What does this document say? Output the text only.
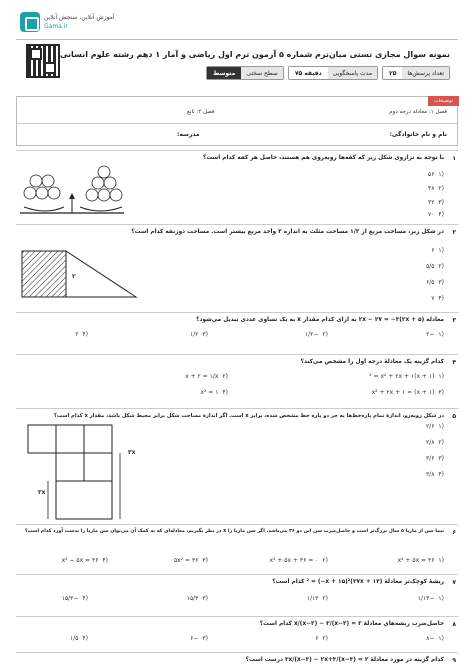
آموزش آنلاین، سنجش آنلاین
Gama.ir
نمونه سوال مجازی تستی میان‌ترم شماره ۵ آزمون ترم اول ریاضی و آمار ۱ دهم رشته علوم انسانی
تعداد پرسش‌ها
۲۵
مدت پاسخگویی
۷۵ دقیقه
سطح سختی
متوسط
توضیحات
فصل ۱: معادله درجه دوم
فصل ۲: تابع
نام و نام خانوادگی:
مدرسه:
۱
با توجه به ترازوی شکل زیر که کفه‌ها روبه‌روی هم هستند، حاصل هر کفه کدام است؟
(۱۵۶
(۲۴۸
(۳۳۲
(۴۷۰
۲
در شکل زیر، مساحت مربع از ۱/۲ مساحت مثلث به اندازه ۲ واحد مربع بیشتر است. مساحت ذوزنقه کدام است؟
(۱۶
(۲۵/۵
(۳۶/۵
(۴۷
۲
۳
معادله ۲x − ۲۷ = −۳(۲x + ۵) به ازای کدام مقدار x به یک تساوی عددی تبدیل می‌شود؟
(۱−۲
(۲−۱/۲
(۳۱/۲
(۴۲
۴
کدام گزینه یک معادلهٔ درجه اول را مشخص می‌کند؟
(۱(x + ۱)² = x² + ۲x + ۱
(۲x + ۲ = ۱/x
(۳(x + ۱) = x² + ۲x + ۱
(۴x² = ۱
۵
در شکل روبه‌رو، اندازهٔ تمام پاره‌خط‌ها به جز دو پاره خط مشخص شده، برابر x است. اگر اندازهٔ مساحت شکل برابر محیط شکل باشد، مقدار x کدام است؟
(۱۲/۶
(۲۲/۸
(۳۳/۶
(۴۳/۸
۳x
۳x
۶
نیما سن از ماریا ۵ سال بزرگ‌تر است و حاصل‌ضرب سن این دو ۳۶ می‌باشد. اگر سن ماریا را x در نظر بگیریم، معادله‌ای که به کمک آن می‌توان سن ماریا را بدست آورد کدام است؟
(۱x² + ۵x = ۳۶
(۲x² + ۵x + ۳۶ = ۰
(۳۵x² = ۳۶
(۴x² − ۵x = ۳۶
۷
ریشهٔ کوچک‌تر معادلهٔ (۲۷x + ۱۳)² = (−x + ۱۵)² کدام است؟
(۱−۱/۱۳
(۲۱/۱۳
(۳۱۵/۳
(۴−۱۵/۳
۸
حاصل‌ضرب ریشه‌های معادلهٔ x/(x−۲) − ۳/(x−۲) = ۲ کدام است؟
(۱−۸
(۲۶
(۳−۶
(۴۱/۵
۹
کدام گزینه در مورد معادلهٔ ۲ = ۳x/(x−۳) − ۲x+۳/(x−۳) درست است؟
